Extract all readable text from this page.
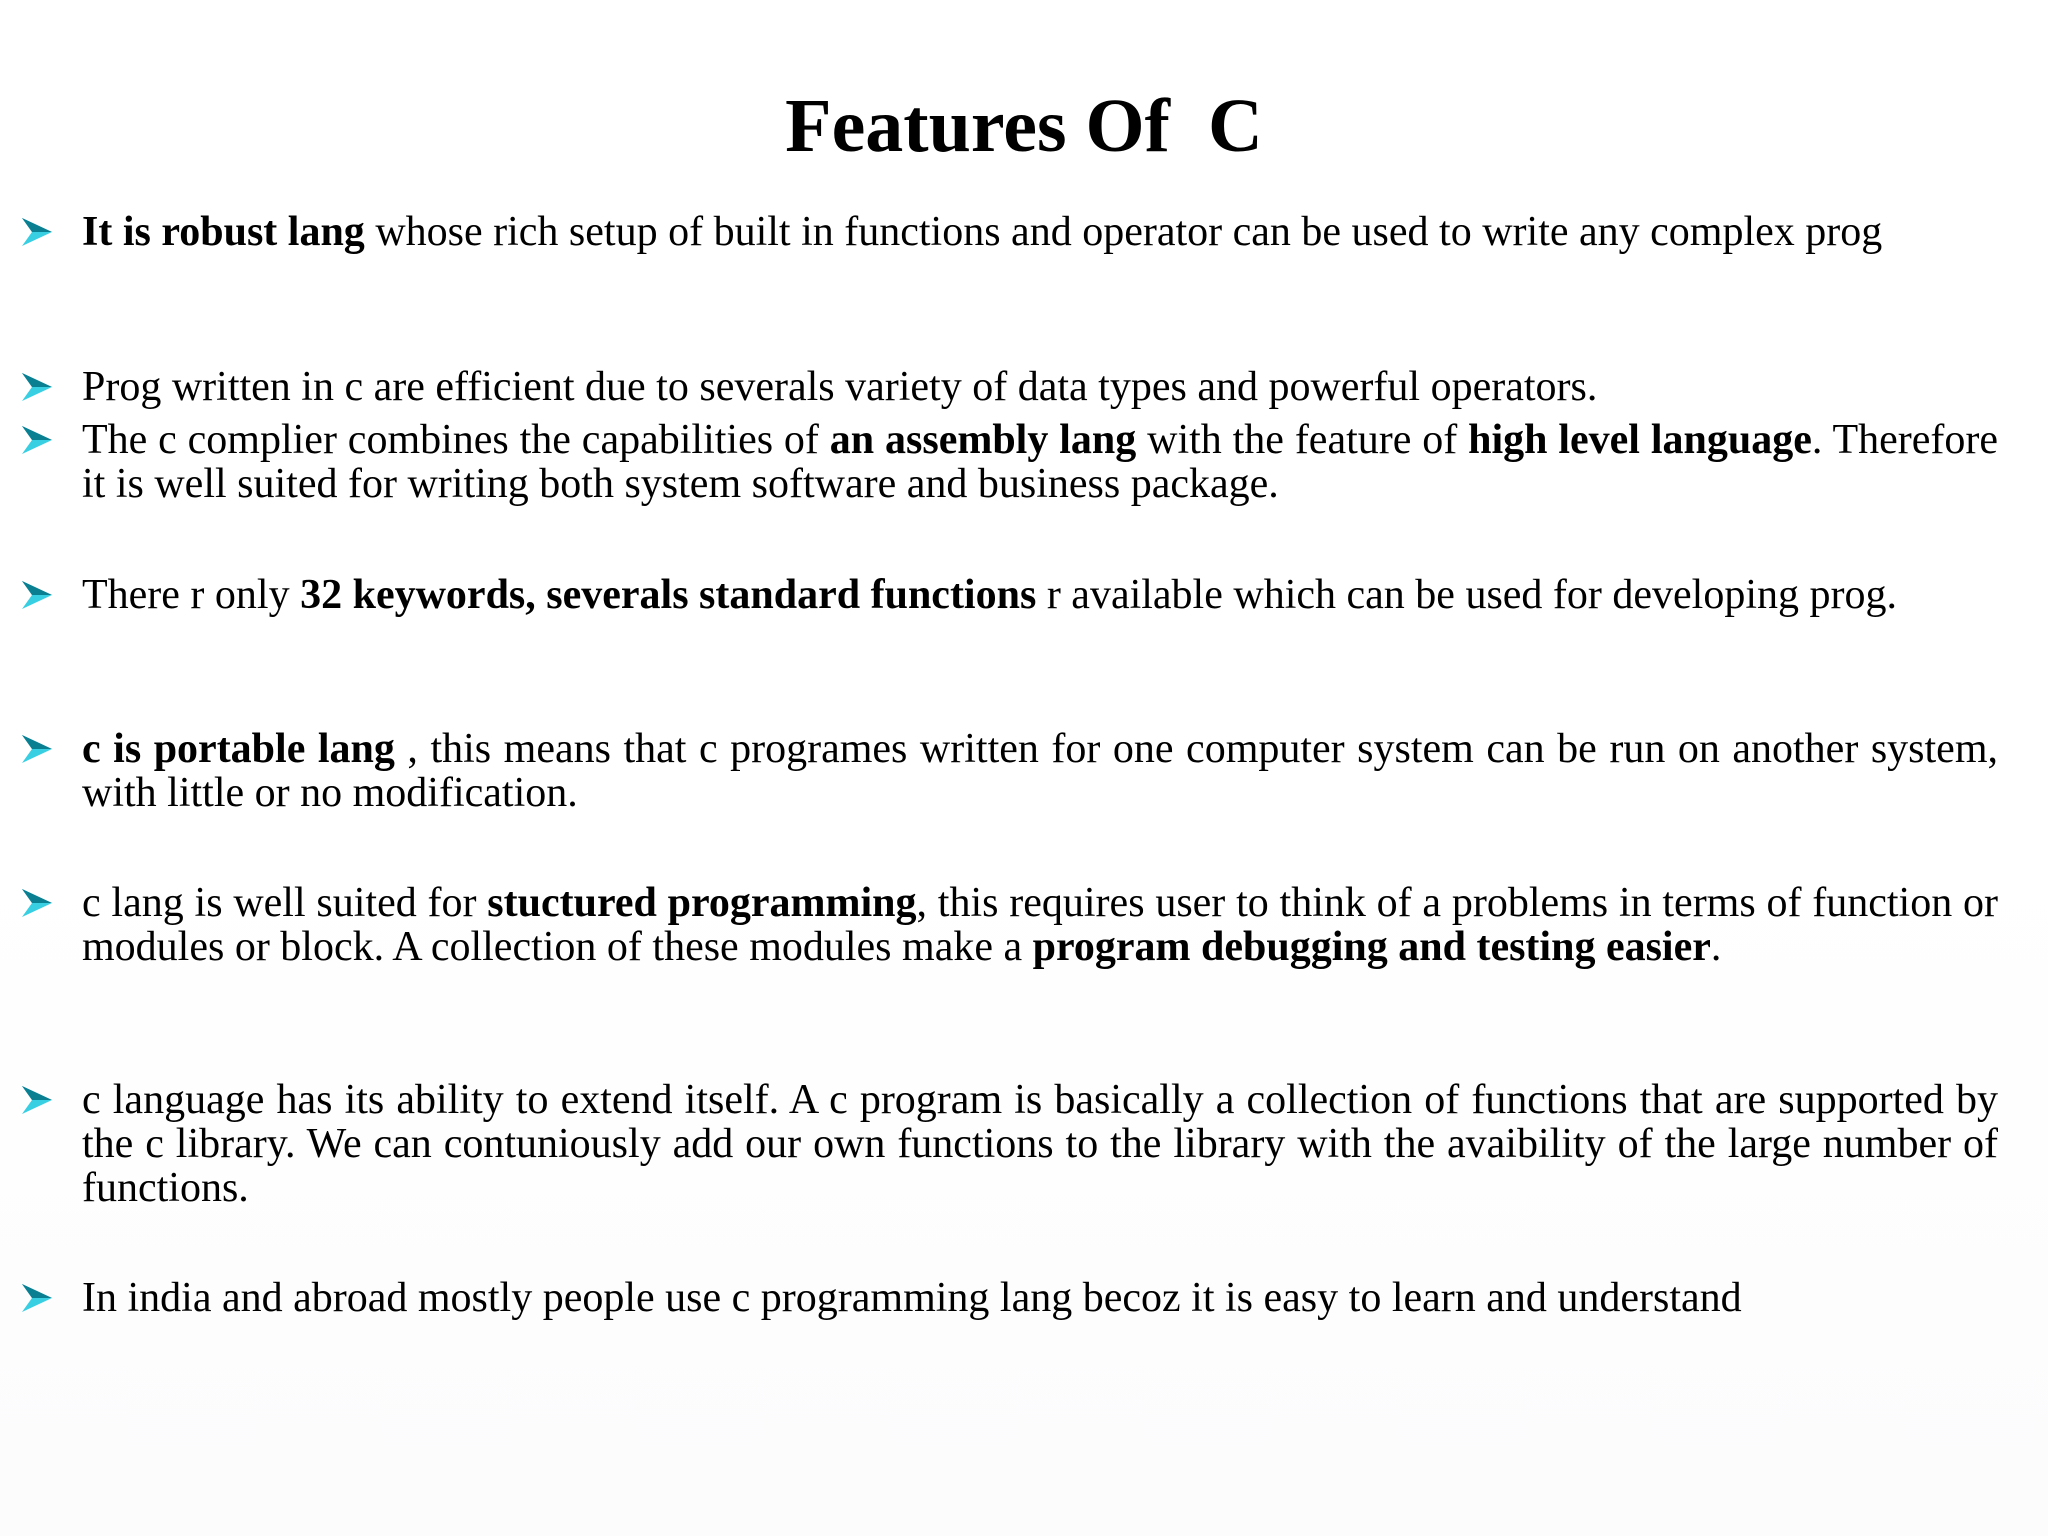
Features Of  C
It is robust lang whose rich setup of built in functions and operator can be used to write any complex prog
Prog written in c are efficient due to severals variety of data types and powerful operators.
The c complier combines the capabilities of an assembly lang with the feature of high level language. Therefore it is well suited for writing both system software and business package.
There r only 32 keywords, severals standard functions r available which can be used for developing prog.
c is portable lang , this means that c programes written for one computer system can be run on another system, with little or no modification.
c lang is well suited for stuctured programming, this requires user to think of a problems in terms of function or modules or block. A collection of these modules make a program debugging and testing easier.
c language has its ability to extend itself. A c program is basically a collection of functions that are supported by the c library. We can contuniously add our own functions to the library with the avaibility of the large number of functions.
In india and abroad mostly people use c programming lang becoz it is easy to learn and understand
